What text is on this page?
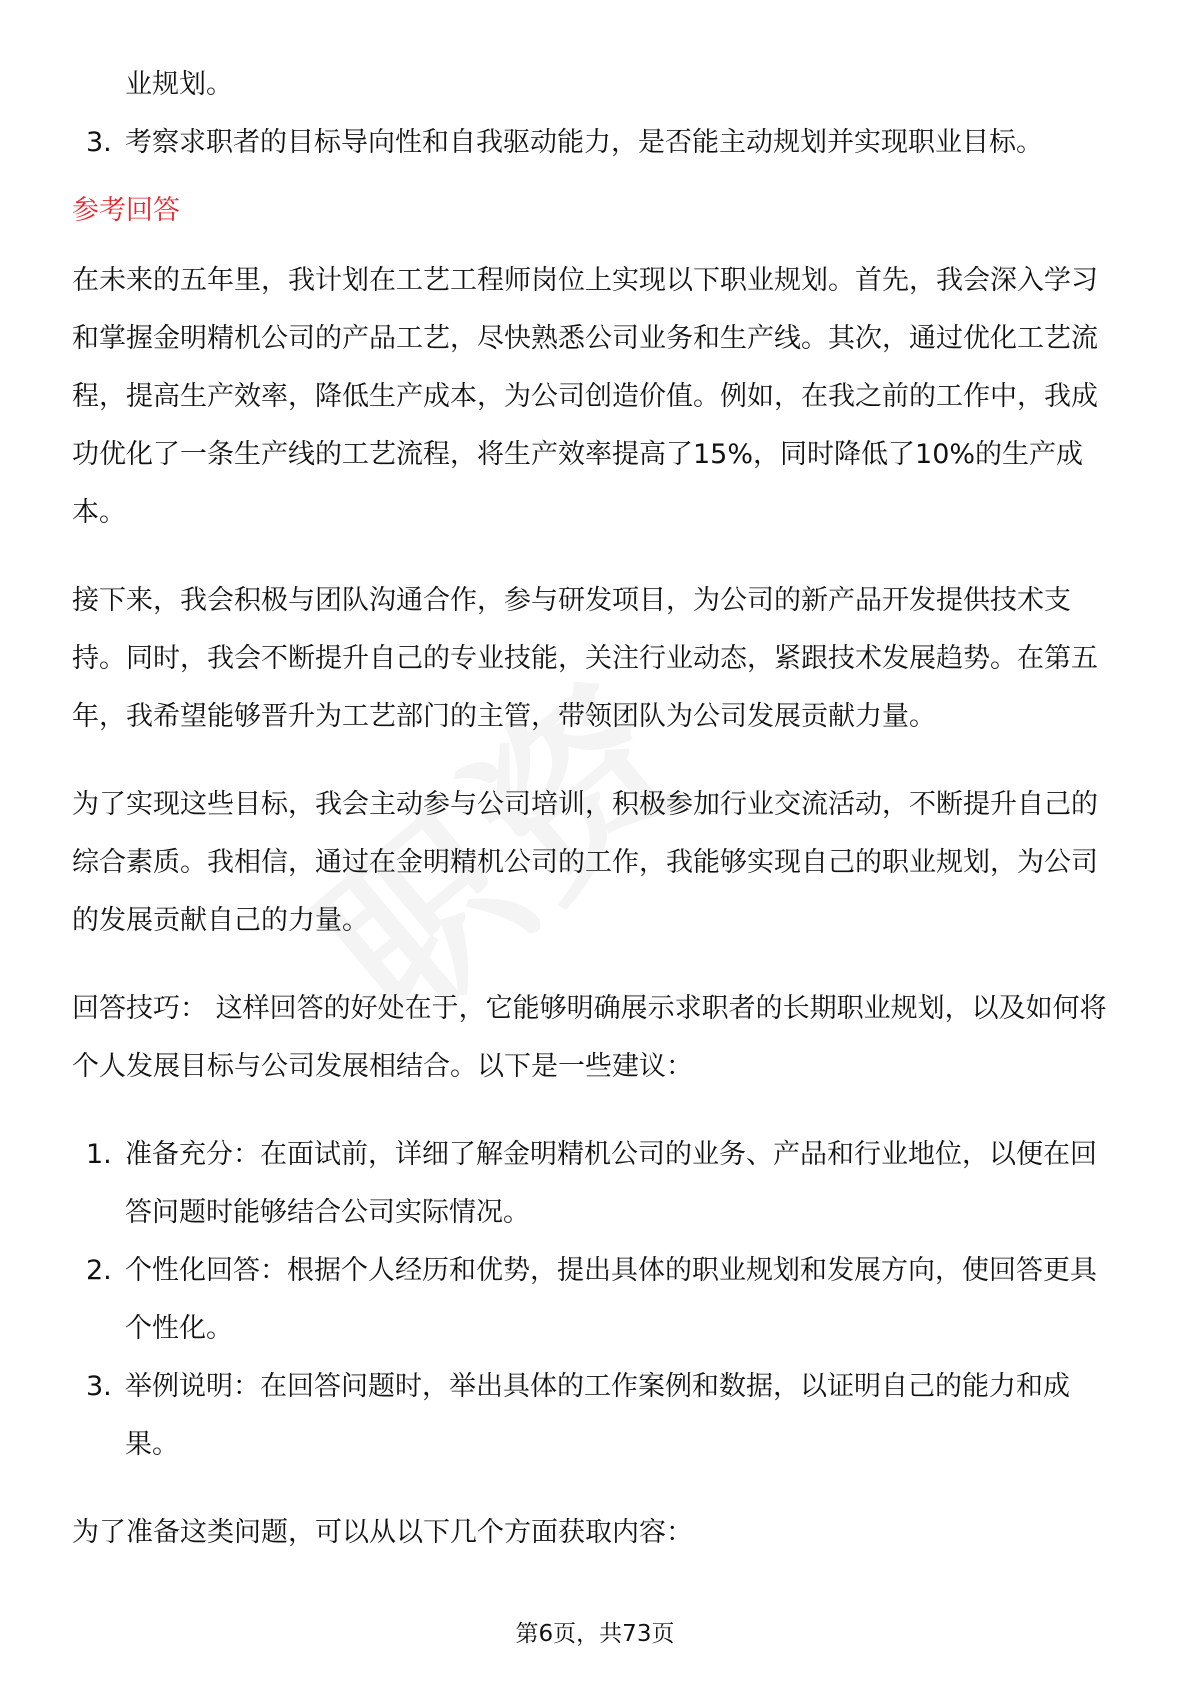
业规划。
3. 考察求职者的目标导向性和自我驱动能力，是否能主动规划并实现职业目标。
参考回答

在未来的五年里，我计划在工艺工程师岗位上实现以下职业规划。首先，我会深入学习和掌握金明精机公司的产品工艺，尽快熟悉公司业务和生产线。其次，通过优化工艺流程，提高生产效率，降低生产成本，为公司创造价值。例如，在我之前的工作中，我成功优化了一条生产线的工艺流程，将生产效率提高了15%，同时降低了10%的生产成本。

接下来，我会积极与团队沟通合作，参与研发项目，为公司的新产品开发提供技术支持。同时，我会不断提升自己的专业技能，关注行业动态，紧跟技术发展趋势。在第五年，我希望能够晋升为工艺部门的主管，带领团队为公司发展贡献力量。

为了实现这些目标，我会主动参与公司培训，积极参加行业交流活动，不断提升自己的综合素质。我相信，通过在金明精机公司的工作，我能够实现自己的职业规划，为公司的发展贡献自己的力量。

回答技巧： 这样回答的好处在于，它能够明确展示求职者的长期职业规划，以及如何将个人发展目标与公司发展相结合。以下是一些建议：

1. 准备充分：在面试前，详细了解金明精机公司的业务、产品和行业地位，以便在回答问题时能够结合公司实际情况。
2. 个性化回答：根据个人经历和优势，提出具体的职业规划和发展方向，使回答更具个性化。
3. 举例说明：在回答问题时，举出具体的工作案例和数据，以证明自己的能力和成果。
为了准备这类问题，可以从以下几个方面获取内容：
第6页，共73页
